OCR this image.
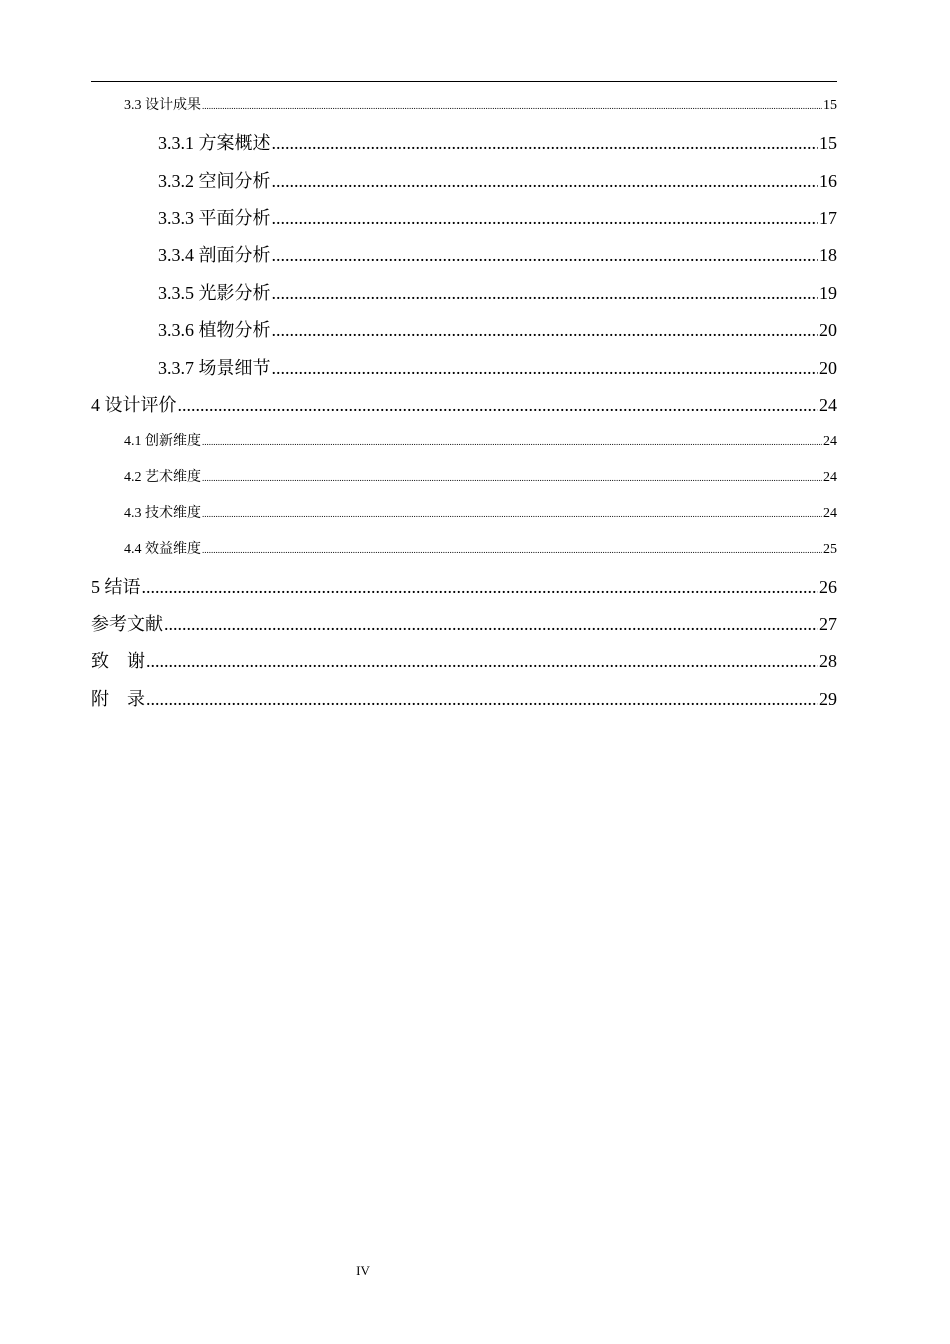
3.3 设计成果 .....	15
3.3.1 方案概述 .....	15
3.3.2 空间分析 .....	16
3.3.3 平面分析 .....	17
3.3.4 剖面分析 .....	18
3.3.5 光影分析 .....	19
3.3.6 植物分析 .....	20
3.3.7 场景细节 .....	20
4 设计评价 .....	24
4.1 创新维度 .....	24
4.2 艺术维度 .....	24
4.3 技术维度 .....	24
4.4 效益维度 .....	25
5 结语 .....	26
参考文献 .....	27
致 谢 .....	28
附 录 .....	29
IV
